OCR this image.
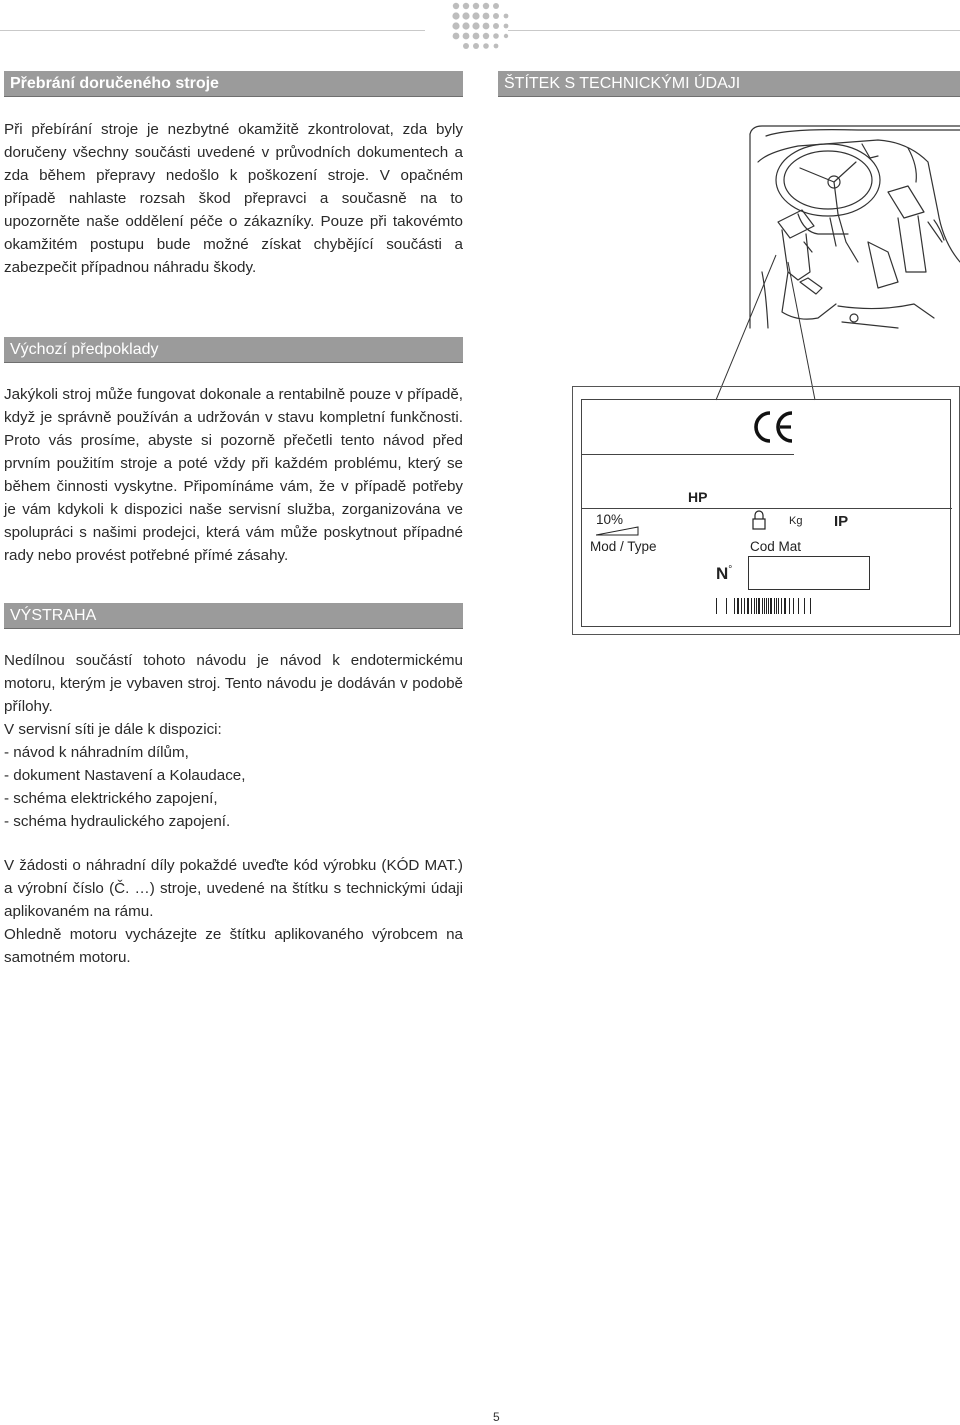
Přebrání doručeného stroje	ŠTÍTEK S TECHNICKÝMI ÚDAJI

Při přebírání stroje je nezbytné okamžitě zkontrolovat, zda byly doručeny všechny součásti uvedené v průvodních dokumentech a zda během přepravy nedošlo k poškození stroje. V opačném případě nahlaste rozsah škod přepravci a současně na to upozorněte naše oddělení péče o zákazníky. Pouze při takovémto okamžitém postupu bude možné získat chybějící součásti a zabezpečit případnou náhradu škody.

Výchozí předpoklady

Jakýkoli stroj může fungovat dokonale a rentabilně pouze v případě, když je správně používán a udržován v stavu kompletní funkčnosti. Proto vás prosíme, abyste si pozorně přečetli tento návod před prvním použitím stroje a poté vždy při každém problému, který se během činnosti vyskytne. Připomínáme vám, že v případě potřeby je vám kdykoli k dispozici naše servisní služba, zorganizována ve spolupráci s našimi prodejci, která vám může poskytnout případné rady nebo provést potřebné přímé zásahy.

VÝSTRAHA

Nedílnou součástí tohoto návodu je návod k endotermickému motoru, kterým je vybaven stroj. Tento návodu je dodáván v podobě přílohy.

V servisní síti je dále k dispozici:

- návod k náhradním dílům,

- dokument Nastavení a Kolaudace,

- schéma elektrického zapojení,

- schéma hydraulického zapojení.

V žádosti o náhradní díly pokaždé uveďte kód výrobku (KÓD MAT.) a výrobní číslo (Č. …) stroje, uvedené na štítku s technickými údaji aplikovaném na rámu.

Ohledně motoru vycházejte ze štítku aplikovaného výrobcem na samotném motoru.

HP
10%	Kg IP
Mod / Type	Cod Mat
N°
5
